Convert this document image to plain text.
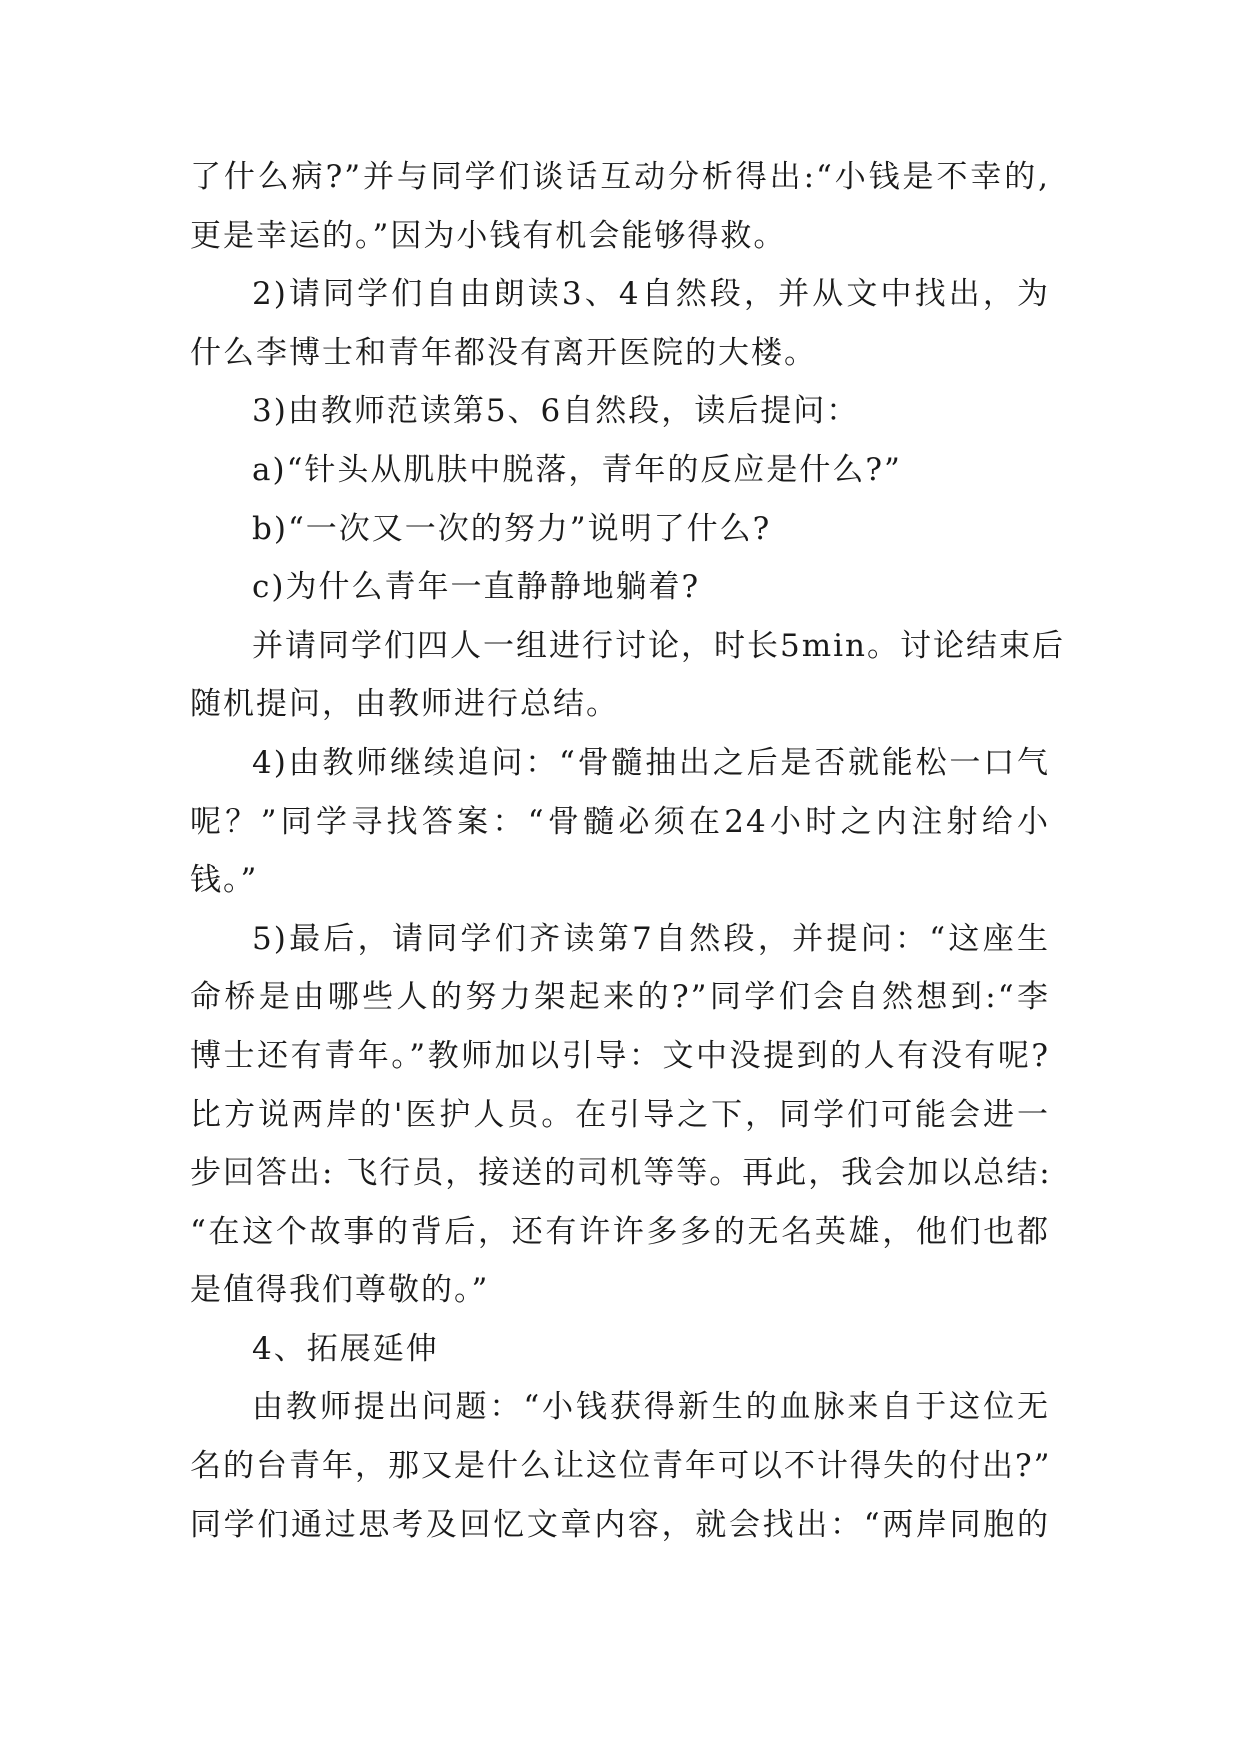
了什么病?”并与同学们谈话互动分析得出:“小钱是不幸的,
更是幸运的。”因为小钱有机会能够得救。
2)请同学们自由朗读3、4自然段，并从文中找出，为
什么李博士和青年都没有离开医院的大楼。
3)由教师范读第5、6自然段，读后提问：
a)“针头从肌肤中脱落，青年的反应是什么?”
b)“一次又一次的努力”说明了什么?
c)为什么青年一直静静地躺着?
并请同学们四人一组进行讨论，时长5min。讨论结束后
随机提问，由教师进行总结。
4)由教师继续追问：“骨髓抽出之后是否就能松一口气
呢？”同学寻找答案：“骨髓必须在24小时之内注射给小
钱。”
5)最后，请同学们齐读第7自然段，并提问：“这座生
命桥是由哪些人的努力架起来的?”同学们会自然想到:“李
博士还有青年。”教师加以引导：文中没提到的人有没有呢?
比方说两岸的'医护人员。在引导之下，同学们可能会进一
步回答出: 飞行员，接送的司机等等。再此，我会加以总结:
“在这个故事的背后，还有许许多多的无名英雄，他们也都
是值得我们尊敬的。”
4、拓展延伸
由教师提出问题：“小钱获得新生的血脉来自于这位无
名的台青年，那又是什么让这位青年可以不计得失的付出?”
同学们通过思考及回忆文章内容，就会找出：“两岸同胞的
